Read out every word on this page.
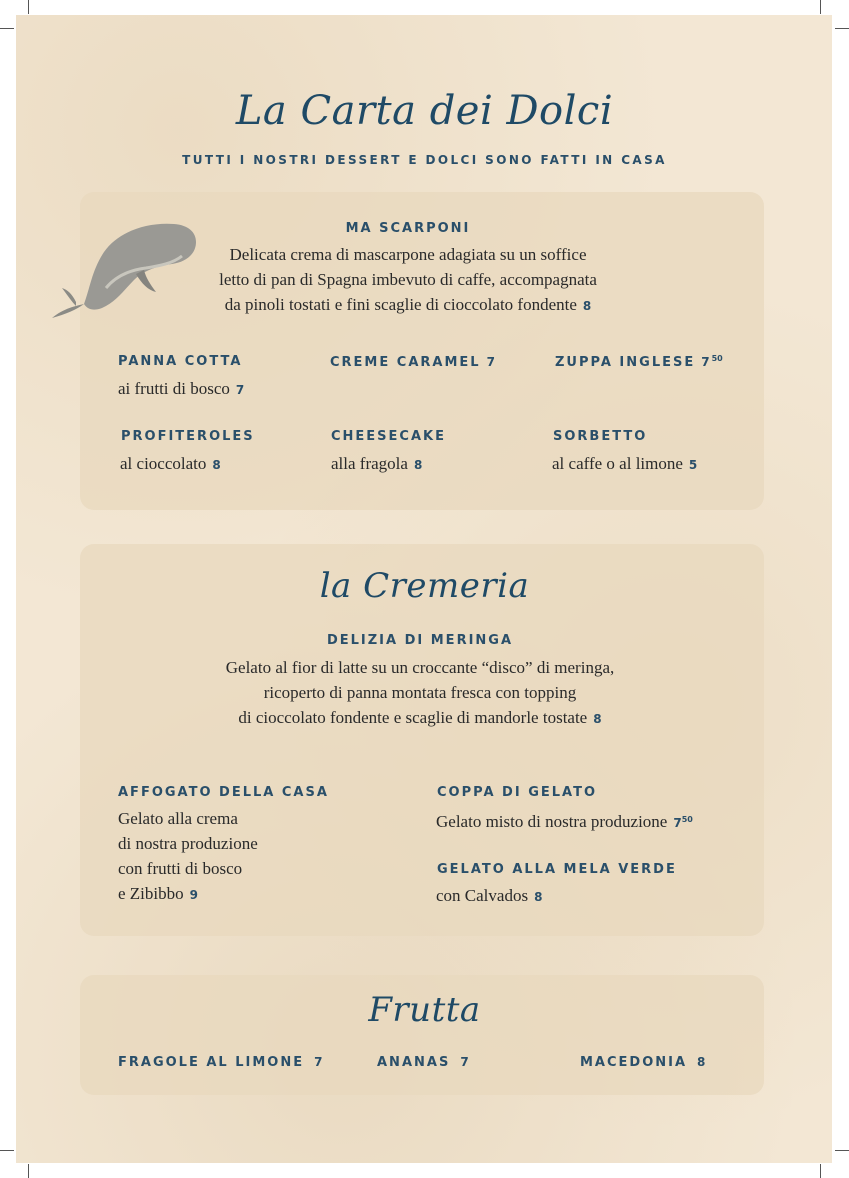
La Carta dei Dolci
TUTTI I NOSTRI DESSERT E DOLCI SONO FATTI IN CASA
MA SCARPONI
Delicata crema di mascarpone adagiata su un soffice
letto di pan di Spagna imbevuto di caffe, accompagnata
da pinoli tostati e fini scaglie di cioccolato fondente 8
PANNA COTTA
ai frutti di bosco 7
CREME CARAMEL 7	ZUPPA INGLESE $7^{50}$
PROFITEROLES
al cioccolato 8
CHEESECAKE
alla fragola 8
SORBETTO
al caffe o al limone 5
la Cremeria
DELIZIA DI MERINGA
Gelato al fior di latte su un croccante “disco” di meringa,
ricoperto di panna montata fresca con topping
di cioccolato fondente e scaglie di mandorle tostate 8
AFFOGATO DELLA CASA
Gelato alla crema
di nostra produzione
con frutti di bosco
e Zibibbo 9
COPPA DI GELATO
Gelato misto di nostra produzione $7^{50}$
GELATO ALLA MELA VERDE
con Calvados 8
Frutta
FRAGOLE AL LIMONE 7	ANANAS 7	MACEDONIA 8
